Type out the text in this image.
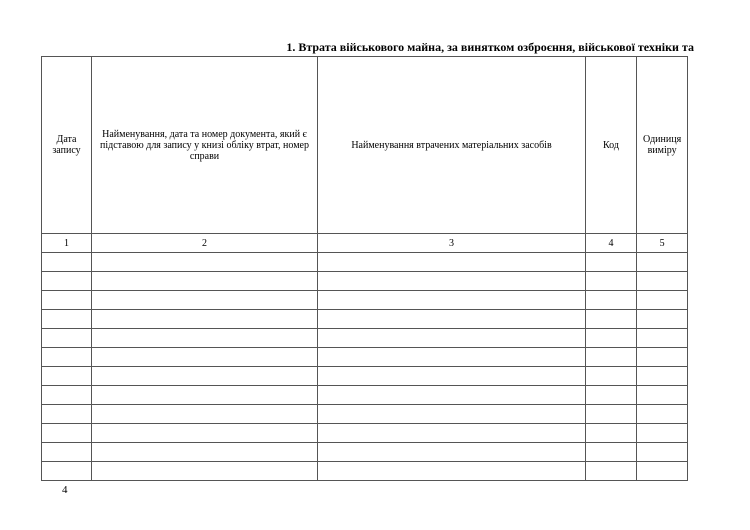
1. Втрата військового майна, за винятком озброєння, військової техніки та
Дата запису	Найменування, дата та номер документа, який є підставою для запису у книзі обліку втрат, номер справи	Найменування втрачених матеріальних засобів	Код	Одиниця виміру

1	2	3	4	5

4
